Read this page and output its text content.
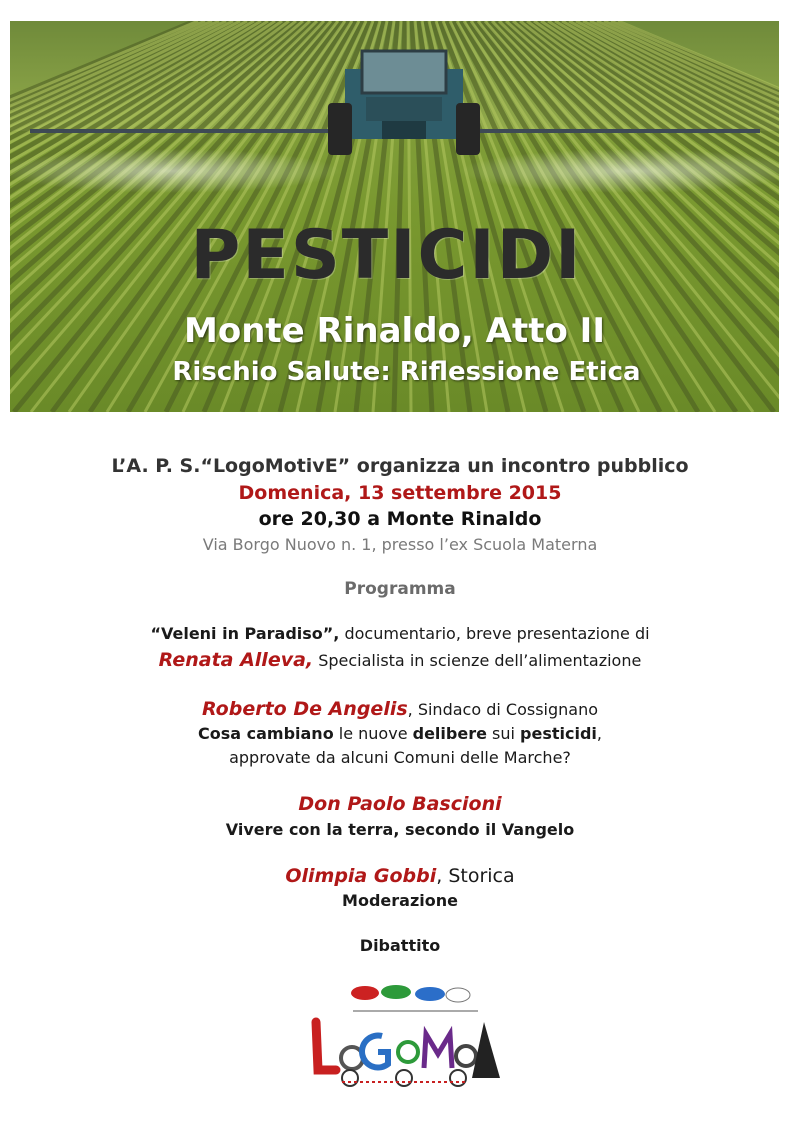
PESTICIDI
Monte Rinaldo, Atto II
Rischio Salute: Riflessione Etica
L’A. P. S.“LogoMotivE” organizza un incontro pubblico
Domenica, 13 settembre 2015
ore 20,30 a Monte Rinaldo
Via Borgo Nuovo n. 1, presso l’ex Scuola Materna
Programma
“Veleni in Paradiso”, documentario, breve presentazione di
Renata Alleva, Specialista in scienze dell’alimentazione
Roberto De Angelis, Sindaco di Cossignano
Cosa cambiano le nuove delibere sui pesticidi,
approvate da alcuni Comuni delle Marche?
Don Paolo Bascioni
Vivere con la terra, secondo il Vangelo
Olimpia Gobbi, Storica
Moderazione
Dibattito
